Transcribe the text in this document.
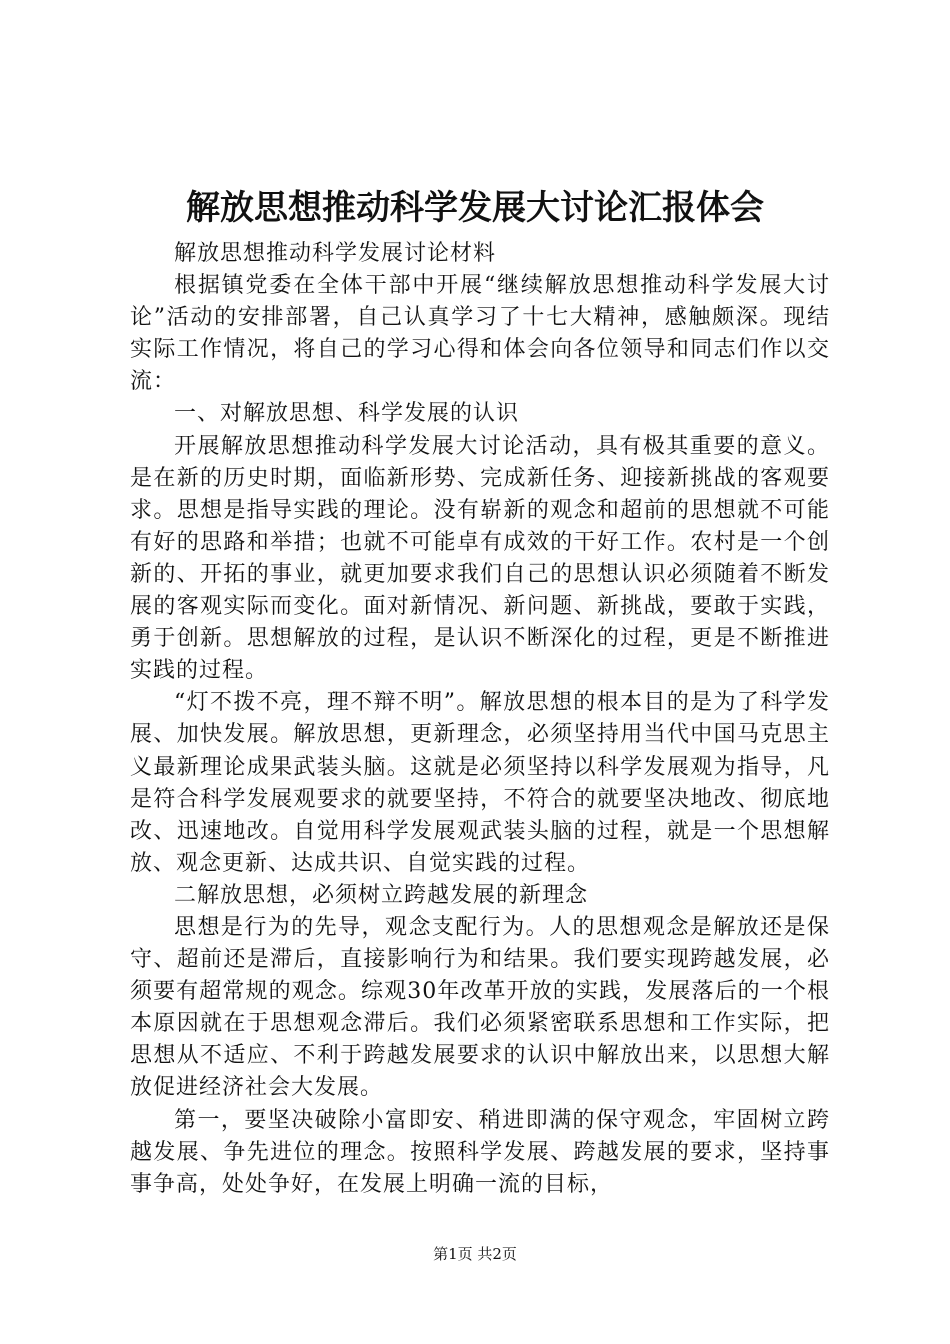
解放思想推动科学发展大讨论汇报体会

解放思想推动科学发展讨论材料

根据镇党委在全体干部中开展“继续解放思想推动科学发展大讨论”活动的安排部署，自己认真学习了十七大精神，感触颇深。现结实际工作情况，将自己的学习心得和体会向各位领导和同志们作以交流：

一、对解放思想、科学发展的认识

开展解放思想推动科学发展大讨论活动，具有极其重要的意义。是在新的历史时期，面临新形势、完成新任务、迎接新挑战的客观要求。思想是指导实践的理论。没有崭新的观念和超前的思想就不可能有好的思路和举措；也就不可能卓有成效的干好工作。农村是一个创新的、开拓的事业，就更加要求我们自己的思想认识必须随着不断发展的客观实际而变化。面对新情况、新问题、新挑战，要敢于实践，勇于创新。思想解放的过程，是认识不断深化的过程，更是不断推进实践的过程。

“灯不拨不亮，理不辩不明”。解放思想的根本目的是为了科学发展、加快发展。解放思想，更新理念，必须坚持用当代中国马克思主义最新理论成果武装头脑。这就是必须坚持以科学发展观为指导，凡是符合科学发展观要求的就要坚持，不符合的就要坚决地改、彻底地改、迅速地改。自觉用科学发展观武装头脑的过程，就是一个思想解放、观念更新、达成共识、自觉实践的过程。

二解放思想，必须树立跨越发展的新理念

思想是行为的先导，观念支配行为。人的思想观念是解放还是保守、超前还是滞后，直接影响行为和结果。我们要实现跨越发展，必须要有超常规的观念。综观30年改革开放的实践，发展落后的一个根本原因就在于思想观念滞后。我们必须紧密联系思想和工作实际，把思想从不适应、不利于跨越发展要求的认识中解放出来，以思想大解放促进经济社会大发展。

第一，要坚决破除小富即安、稍进即满的保守观念，牢固树立跨越发展、争先进位的理念。按照科学发展、跨越发展的要求，坚持事事争高，处处争好，在发展上明确一流的目标，

第1页 共2页
